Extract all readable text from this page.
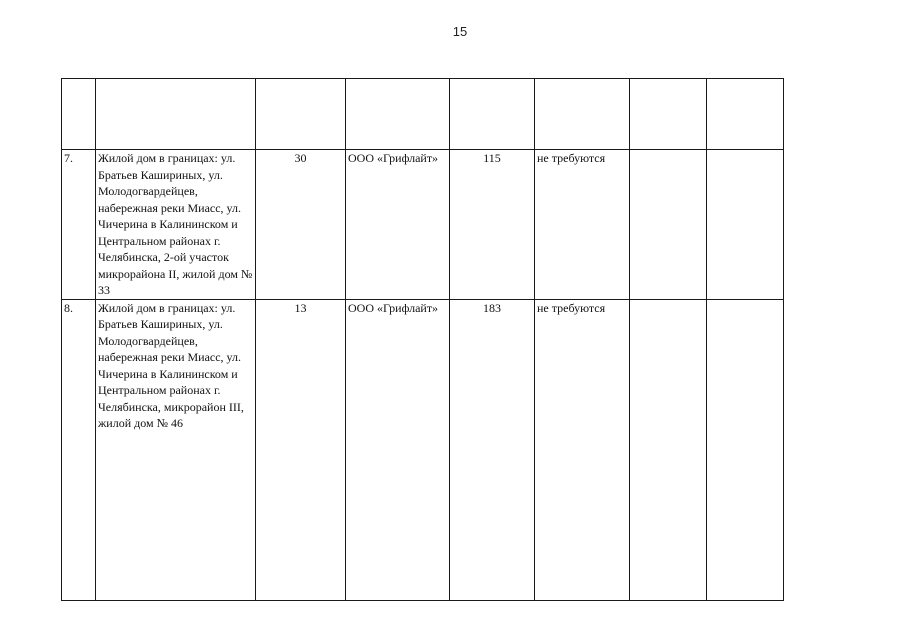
15

7.	Жилой дом в границах: ул. Братьев Кашириных, ул. Молодогвардейцев, набережная реки Миасс, ул. Чичерина в Калининском и Центральном районах г. Челябинска, 2-ой участок микрорайона II, жилой дом № 33	30	ООО «Грифлайт»	115	не требуются		
8.	Жилой дом в границах: ул. Братьев Кашириных, ул. Молодогвардейцев, набережная реки Миасс, ул. Чичерина в Калининском и Центральном районах г. Челябинска, микрорайон III, жилой дом № 46	13	ООО «Грифлайт»	183	не требуются		
